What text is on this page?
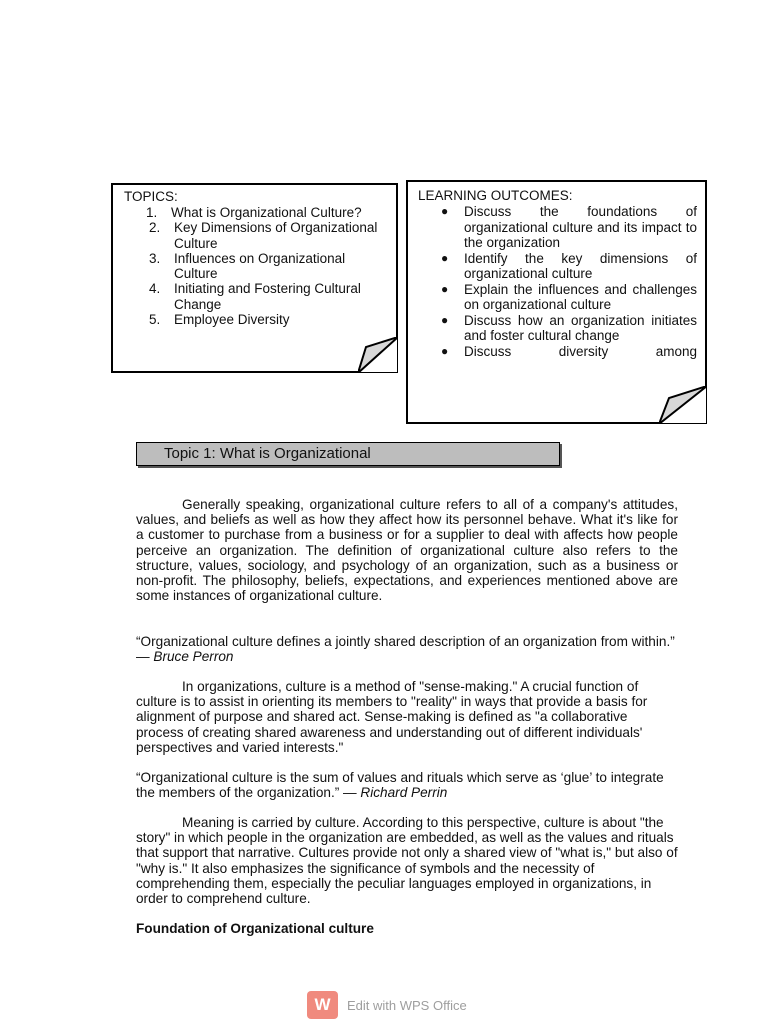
TOPICS:
1. What is Organizational Culture?
2. Key Dimensions of Organizational Culture
3. Influences on Organizational Culture
4. Initiating and Fostering Cultural Change
5. Employee Diversity
LEARNING OUTCOMES:
● Discuss the foundations of organizational culture and its impact to the organization
● Identify the key dimensions of organizational culture
● Explain the influences and challenges on organizational culture
● Discuss how an organization initiates and foster cultural change
● Discuss diversity among
Topic 1: What is Organizational

Generally speaking, organizational culture refers to all of a company's attitudes, values, and beliefs as well as how they affect how its personnel behave. What it's like for a customer to purchase from a business or for a supplier to deal with affects how people perceive an organization. The definition of organizational culture also refers to the structure, values, sociology, and psychology of an organization, such as a business or non-profit. The philosophy, beliefs, expectations, and experiences mentioned above are some instances of organizational culture.

“Organizational culture defines a jointly shared description of an organization from within.” — Bruce Perron

In organizations, culture is a method of "sense-making." A crucial function of culture is to assist in orienting its members to "reality" in ways that provide a basis for alignment of purpose and shared act. Sense-making is defined as "a collaborative process of creating shared awareness and understanding out of different individuals' perspectives and varied interests."

“Organizational culture is the sum of values and rituals which serve as ‘glue’ to integrate the members of the organization.” — Richard Perrin

Meaning is carried by culture. According to this perspective, culture is about "the story" in which people in the organization are embedded, as well as the values and rituals that support that narrative. Cultures provide not only a shared view of "what is," but also of "why is." It also emphasizes the significance of symbols and the necessity of comprehending them, especially the peculiar languages employed in organizations, in order to comprehend culture.

Foundation of Organizational culture

W	Edit with WPS Office
